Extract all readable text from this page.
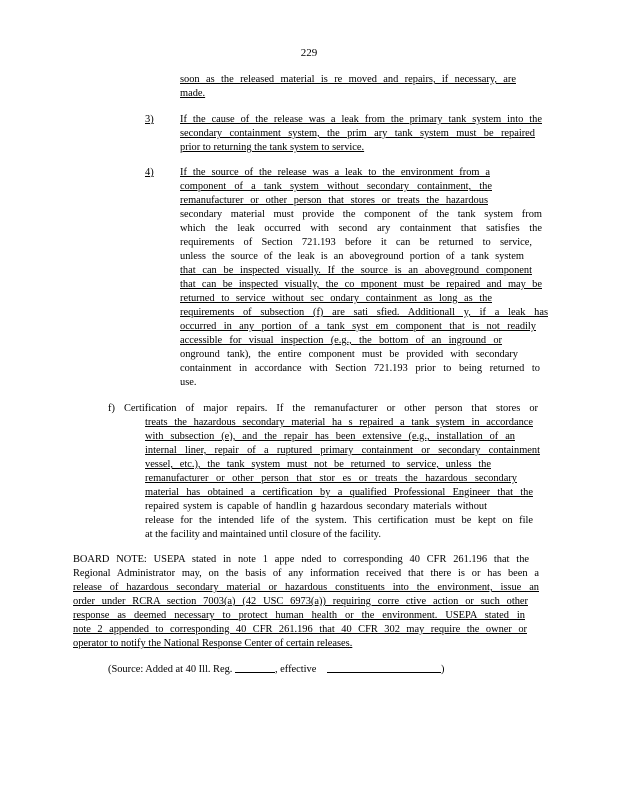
229
soon as the released material is re moved and repairs, if necessary, are
made.
3)	If the cause of the release was a leak from the primary tank system into the
secondary containment system, the prim ary tank system must be repaired
prior to returning the tank system to service.
4)	If the source of the release was a leak to the environment from a
component of a tank system without secondary containment, the
remanufacturer or other person that stores or treats the hazardous
secondary material must provide the component of the tank system from
which the leak occurred with second ary containment that satisfies the
requirements of Section 721.193 before it can be returned to service,
unless the source of the leak is an aboveground portion of a tank system
that can be inspected visually. If the source is an aboveground component
that can be inspected visually, the co mponent must be repaired and may be
returned to service without sec ondary containment as long as the
requirements of subsection (f) are sati sfied. Additionall y, if a leak has
occurred in any portion of a tank syst em component that is not readily
accessible for visual inspection (e.g., the bottom of an inground or
onground tank), the entire component must be provided with secondary
containment in accordance with Section 721.193 prior to being returned to
use.
f) Certification of major repairs. If the remanufacturer or other person that stores or
treats the hazardous secondary material ha s repaired a tank system in accordance
with subsection (e), and the repair has been extensive (e.g., installation of an
internal liner, repair of a ruptured primary containment or secondary containment
vessel, etc.), the tank system must not be returned to service, unless the
remanufacturer or other person that stor es or treats the hazardous secondary
material has obtained a certification by a qualified Professional Engineer that the
repaired system is capable of handlin g hazardous secondary materials without
release for the intended life of the system. This certification must be kept on file
at the facility and maintained until closure of the facility.
BOARD NOTE: USEPA stated in note 1 appe nded to corresponding 40 CFR 261.196 that the
Regional Administrator may, on the basis of any information received that there is or has been a
release of hazardous secondary material or hazardous constituents into the environment, issue an
order under RCRA section 7003(a) (42 USC 6973(a)) requiring corre ctive action or such other
response as deemed necessary to protect human health or the environment. USEPA stated in
note 2 appended to corresponding 40 CFR 261.196 that 40 CFR 302 may require the owner or
operator to notify the National Response Center of certain releases.
(Source: Added at 40 Ill. Reg.	, effective	)
